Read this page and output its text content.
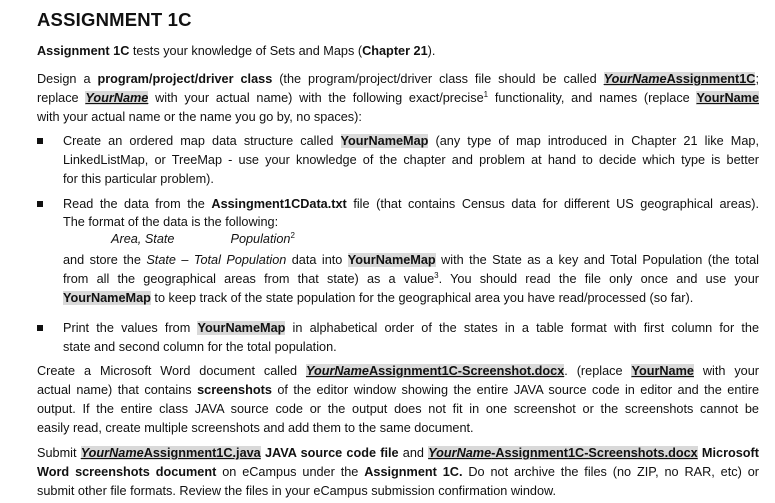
ASSIGNMENT 1C
Assignment 1C tests your knowledge of Sets and Maps (Chapter 21).
Design a program/project/driver class (the program/project/driver class file should be called YourNameAssignment1C;
replace YourName with your actual name) with the following exact/precise$^1$ functionality, and names (replace YourName
with your actual name or the name you go by, no spaces):
Create an ordered map data structure called YourNameMap (any type of map introduced in Chapter 21 like Map,
LinkedListMap, or TreeMap - use your knowledge of the chapter and problem at hand to decide which type is better
for this particular problem).
Read the data from the Assingment1CData.txt file (that contains Census data for different US geographical areas).
The format of the data is the following:
Area, State	Population$^2$
and store the State – Total Population data into YourNameMap with the State as a key and Total Population (the total
from all the geographical areas from that state) as a value$^3$. You should read the file only once and use your
YourNameMap to keep track of the state population for the geographical area you have read/processed (so far).
Print the values from YourNameMap in alphabetical order of the states in a table format with first column for the
state and second column for the total population.
Create a Microsoft Word document called YourNameAssignment1C-Screenshot.docx. (replace YourName with your
actual name) that contains screenshots of the editor window showing the entire JAVA source code in editor and the entire
output. If the entire class JAVA source code or the output does not fit in one screenshot or the screenshots cannot be
easily read, create multiple screenshots and add them to the same document.
Submit YourNameAssignment1C.java JAVA source code file and YourName-Assignment1C-Screenshots.docx Microsoft
Word screenshots document on eCampus under the Assignment 1C. Do not archive the files (no ZIP, no RAR, etc) or
submit other file formats. Review the files in your eCampus submission confirmation window.
